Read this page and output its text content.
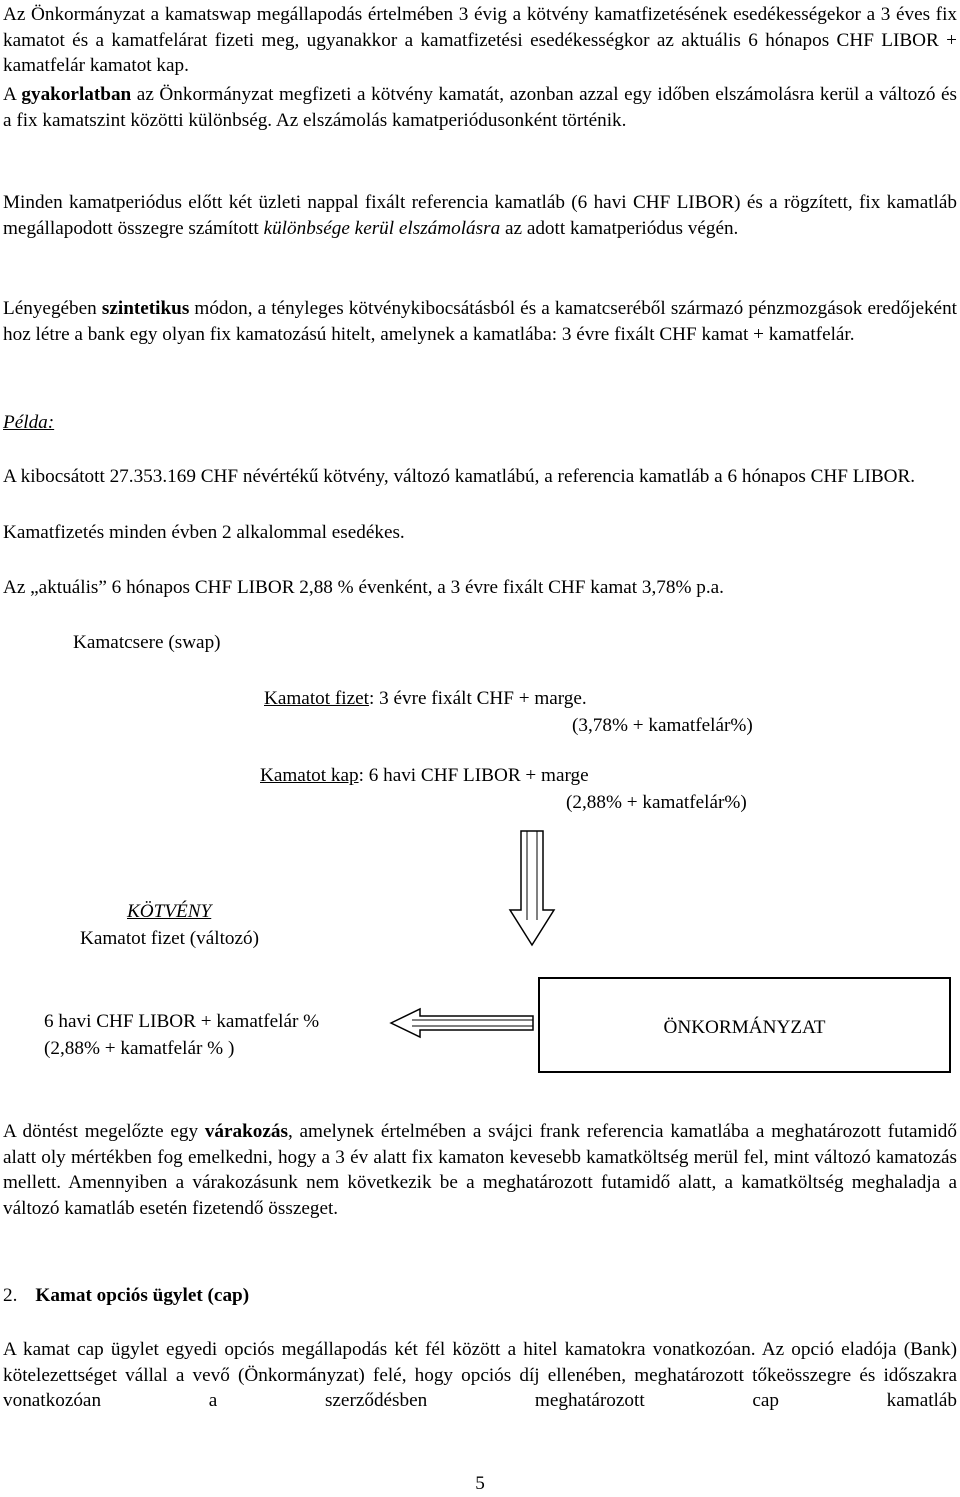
Az Önkormányzat a kamatswap megállapodás értelmében 3 évig a kötvény kamatfizetésének esedékességekor a 3 éves fix kamatot és a kamatfelárat fizeti meg, ugyanakkor a kamatfizetési esedékességkor az aktuális 6 hónapos CHF LIBOR + kamatfelár kamatot kap.

A gyakorlatban az Önkormányzat megfizeti a kötvény kamatát, azonban azzal egy időben elszámolásra kerül a változó és a fix kamatszint közötti különbség. Az elszámolás kamatperiódusonként történik.

Minden kamatperiódus előtt két üzleti nappal fixált referencia kamatláb (6 havi CHF LIBOR) és a rögzített, fix kamatláb megállapodott összegre számított különbsége kerül elszámolásra az adott kamatperiódus végén.

Lényegében szintetikus módon, a tényleges kötvénykibocsátásból és a kamatcseréből származó pénzmozgások eredőjeként hoz létre a bank egy olyan fix kamatozású hitelt, amelynek a kamatlába: 3 évre fixált CHF kamat + kamatfelár.

Példa:

A kibocsátott 27.353.169 CHF névértékű kötvény, változó kamatlábú, a referencia kamatláb a 6 hónapos CHF LIBOR.

Kamatfizetés minden évben 2 alkalommal esedékes.

Az „aktuális” 6 hónapos CHF LIBOR 2,88 % évenként, a 3 évre fixált CHF kamat 3,78% p.a.

Kamatcsere (swap)

Kamatot fizet: 3 évre fixált CHF + marge.

(3,78% + kamatfelár%)

Kamatot kap: 6 havi CHF LIBOR + marge

(2,88% + kamatfelár%)

KÖTVÉNY

Kamatot fizet (változó)

6 havi CHF LIBOR + kamatfelár %

(2,88% + kamatfelár % )

ÖNKORMÁNYZAT

A döntést megelőzte egy várakozás, amelynek értelmében a svájci frank referencia kamatlába a meghatározott futamidő alatt oly mértékben fog emelkedni, hogy a 3 év alatt fix kamaton kevesebb kamatköltség merül fel, mint változó kamatozás mellett. Amennyiben a várakozásunk nem következik be a meghatározott futamidő alatt, a kamatköltség meghaladja a változó kamatláb esetén fizetendő összeget.

2. Kamat opciós ügylet (cap)

A kamat cap ügylet egyedi opciós megállapodás két fél között a hitel kamatokra vonatkozóan. Az opció eladója (Bank) kötelezettséget vállal a vevő (Önkormányzat) felé, hogy opciós díj ellenében, meghatározott tőkeösszegre és időszakra vonatkozóan a szerződésben meghatározott cap kamatláb

5
